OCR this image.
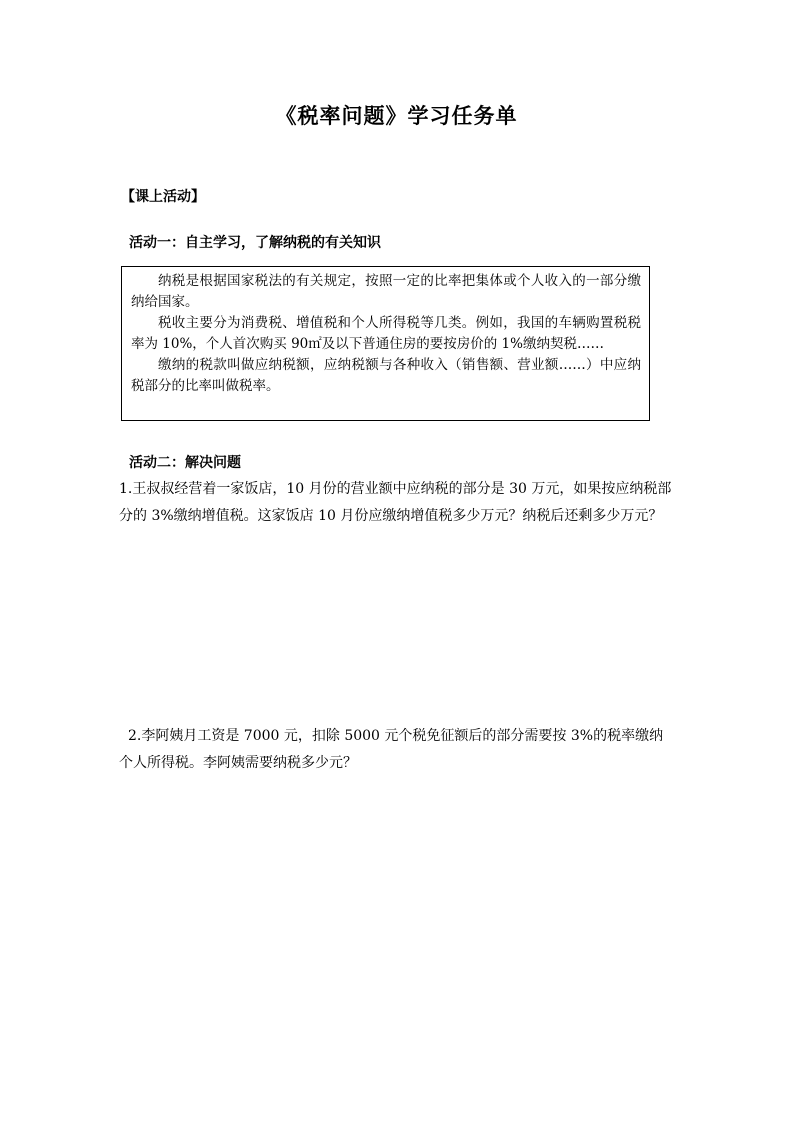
《税率问题》学习任务单
【课上活动】
活动一：自主学习，了解纳税的有关知识

纳税是根据国家税法的有关规定，按照一定的比率把集体或个人收入的一部分缴纳给国家。

税收主要分为消费税、增值税和个人所得税等几类。例如，我国的车辆购置税税率为 10%，个人首次购买 90㎡及以下普通住房的要按房价的 1%缴纳契税……

缴纳的税款叫做应纳税额，应纳税额与各种收入（销售额、营业额……）中应纳税部分的比率叫做税率。

活动二：解决问题
1.王叔叔经营着一家饭店，10 月份的营业额中应纳税的部分是 30 万元，如果按应纳税部分的 3%缴纳增值税。这家饭店 10 月份应缴纳增值税多少万元？纳税后还剩多少万元？
2.李阿姨月工资是 7000 元，扣除 5000 元个税免征额后的部分需要按 3%的税率缴纳个人所得税。李阿姨需要纳税多少元？
